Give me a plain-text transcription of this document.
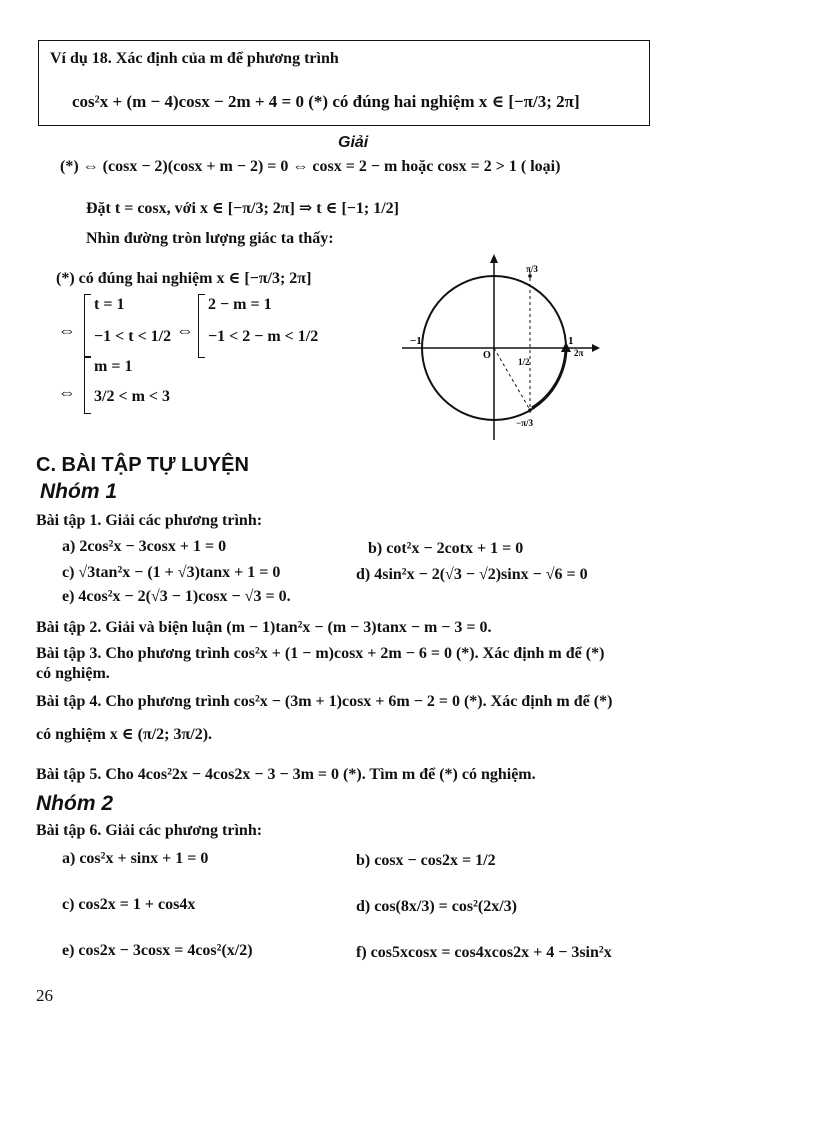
Ví dụ 18. Xác định của m để phương trình
cos²x + (m − 4)cosx − 2m + 4 = 0 (*) có đúng hai nghiệm x ∈ [−π/3; 2π]
Giải
(*) ⇔ (cosx − 2)(cosx + m − 2) = 0 ⇔ cosx = 2 − m hoặc cosx = 2 > 1 ( loại)
Đặt t = cosx, với x ∈ [−π/3; 2π] ⇒ t ∈ [−1; 1/2]
Nhìn đường tròn lượng giác ta thấy:
(*) có đúng hai nghiệm x ∈ [−π/3; 2π]
⇔
t = 1
−1 < t < 1/2 ⇔
2 − m = 1
−1 < 2 − m < 1/2
⇔
m = 1
3/2 < m < 3
π/3
−1
O
1/2
1
2π
−π/3
C. BÀI TẬP TỰ LUYỆN
Nhóm 1
Bài tập 1. Giải các phương trình:
a) 2cos²x − 3cosx + 1 = 0	b) cot²x − 2cotx + 1 = 0
c) √3tan²x − (1 + √3)tanx + 1 = 0	d) 4sin²x − 2(√3 − √2)sinx − √6 = 0
e) 4cos²x − 2(√3 − 1)cosx − √3 = 0.
Bài tập 2. Giải và biện luận (m − 1)tan²x − (m − 3)tanx − m − 3 = 0.
Bài tập 3. Cho phương trình cos²x + (1 − m)cosx + 2m − 6 = 0 (*). Xác định m để (*)
có nghiệm.
Bài tập 4. Cho phương trình cos²x − (3m + 1)cosx + 6m − 2 = 0 (*). Xác định m để (*)
có nghiệm x ∈ (π/2; 3π/2).
Bài tập 5. Cho 4cos²2x − 4cos2x − 3 − 3m = 0 (*). Tìm m để (*) có nghiệm.
Nhóm 2
Bài tập 6. Giải các phương trình:
a) cos²x + sinx + 1 = 0	b) cosx − cos2x = 1/2
c) cos2x = 1 + cos4x	d) cos(8x/3) = cos²(2x/3)
e) cos2x − 3cosx = 4cos²(x/2)	f) cos5xcosx = cos4xcos2x + 4 − 3sin²x
26
